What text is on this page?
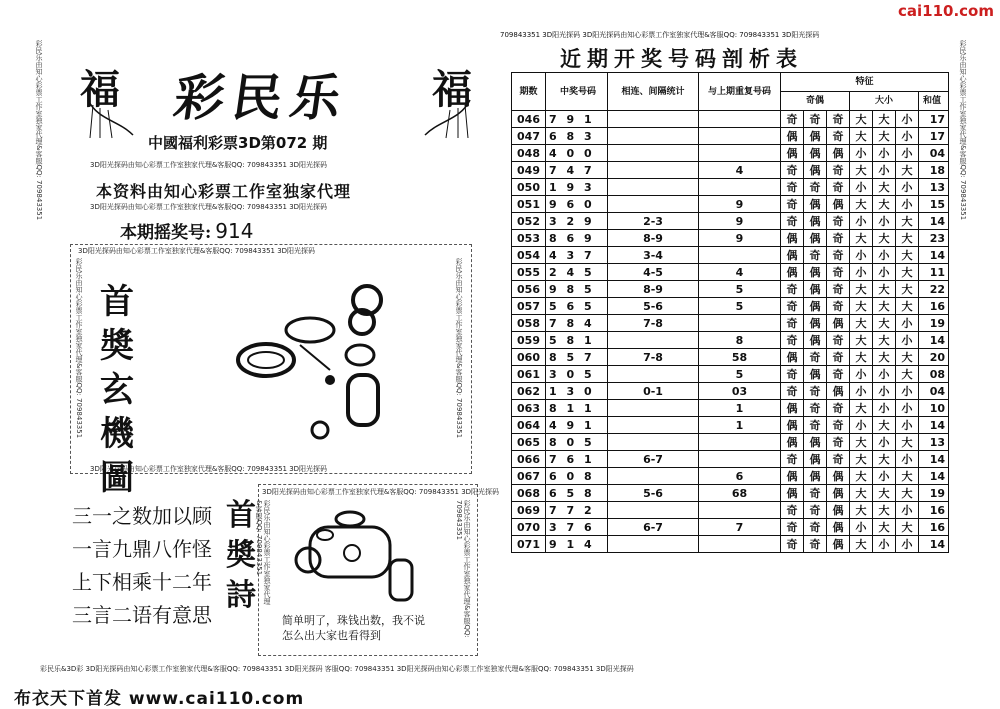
cai110.com
彩民乐由知心彩票工作室独家代理&客服QQ: 709843351 福	福
彩民乐
中國福利彩票3D第072 期
3D阳光探码由知心彩票工作室独家代理&客服QQ: 709843351 3D阳光探码
本资料由知心彩票工作室独家代理
3D阳光探码由知心彩票工作室独家代理&客服QQ: 709843351 3D阳光探码
本期摇奖号: 914
3D阳光探码由知心彩票工作室独家代理&客服QQ: 709843351 3D阳光探码
3D阳光探码由知心彩票工作室独家代理&客服QQ: 709843351 3D阳光探码
彩民乐由知心彩票工作室独家代理&客服QQ: 709843351	彩民乐由知心彩票工作室独家代理&客服QQ: 709843351
首奬玄機圖
三一之数加以顾
一言九鼎八作怪
上下相乘十二年
三言二语有意思
首奬詩
3D阳光探码由知心彩票工作室独家代理&客服QQ: 709843351 3D阳光探码
彩民乐由知心彩票工作室独家代理&客服QQ: 709843351	彩民乐由知心彩票工作室独家代理&客服QQ: 709843351
简单明了，珠钱出数，我不说
怎么出大家也看得到
709843351 3D阳光探码 3D阳光探码由知心彩票工作室独家代理&客服QQ: 709843351 3D阳光探码
近期开奖号码剖析表	彩民乐由知心彩票工作室独家代理&客服QQ: 709843351
期数	中奖号码	相连、间隔统计	与上期重复号码	特征						
				奇偶			大小			和值
046	7 9 1			奇	奇	奇	大	大	小	17
047	6 8 3			偶	偶	奇	大	大	小	17
048	4 0 0			偶	偶	偶	小	小	小	04
049	7 4 7		4	奇	偶	奇	大	小	大	18
050	1 9 3			奇	奇	奇	小	大	小	13
051	9 6 0		9	奇	偶	偶	大	大	小	15
052	3 2 9	2-3	9	奇	偶	奇	小	小	大	14
053	8 6 9	8-9	9	偶	偶	奇	大	大	大	23
054	4 3 7	3-4		偶	奇	奇	小	小	大	14
055	2 4 5	4-5	4	偶	偶	奇	小	小	大	11
056	9 8 5	8-9	5	奇	偶	奇	大	大	大	22
057	5 6 5	5-6	5	奇	偶	奇	大	大	大	16
058	7 8 4	7-8		奇	偶	偶	大	大	小	19
059	5 8 1		8	奇	偶	奇	大	大	小	14
060	8 5 7	7-8	58	偶	奇	奇	大	大	大	20
061	3 0 5		5	奇	偶	奇	小	小	大	08
062	1 3 0	0-1	03	奇	奇	偶	小	小	小	04
063	8 1 1		1	偶	奇	奇	大	小	小	10
064	4 9 1		1	偶	奇	奇	小	大	小	14
065	8 0 5			偶	偶	奇	大	小	大	13
066	7 6 1	6-7		奇	偶	奇	大	大	小	14
067	6 0 8		6	偶	偶	偶	大	小	大	14
068	6 5 8	5-6	68	偶	奇	偶	大	大	大	19
069	7 7 2			奇	奇	偶	大	大	小	16
070	3 7 6	6-7	7	奇	奇	偶	小	大	大	16
071	9 1 4			奇	奇	偶	大	小	小	14
彩民乐&3D彩 3D阳光探码由知心彩票工作室独家代理&客服QQ: 709843351 3D阳光探码 客服QQ: 709843351 3D阳光探码由知心彩票工作室独家代理&客服QQ: 709843351 3D阳光探码
布衣天下首发 www.cai110.com
